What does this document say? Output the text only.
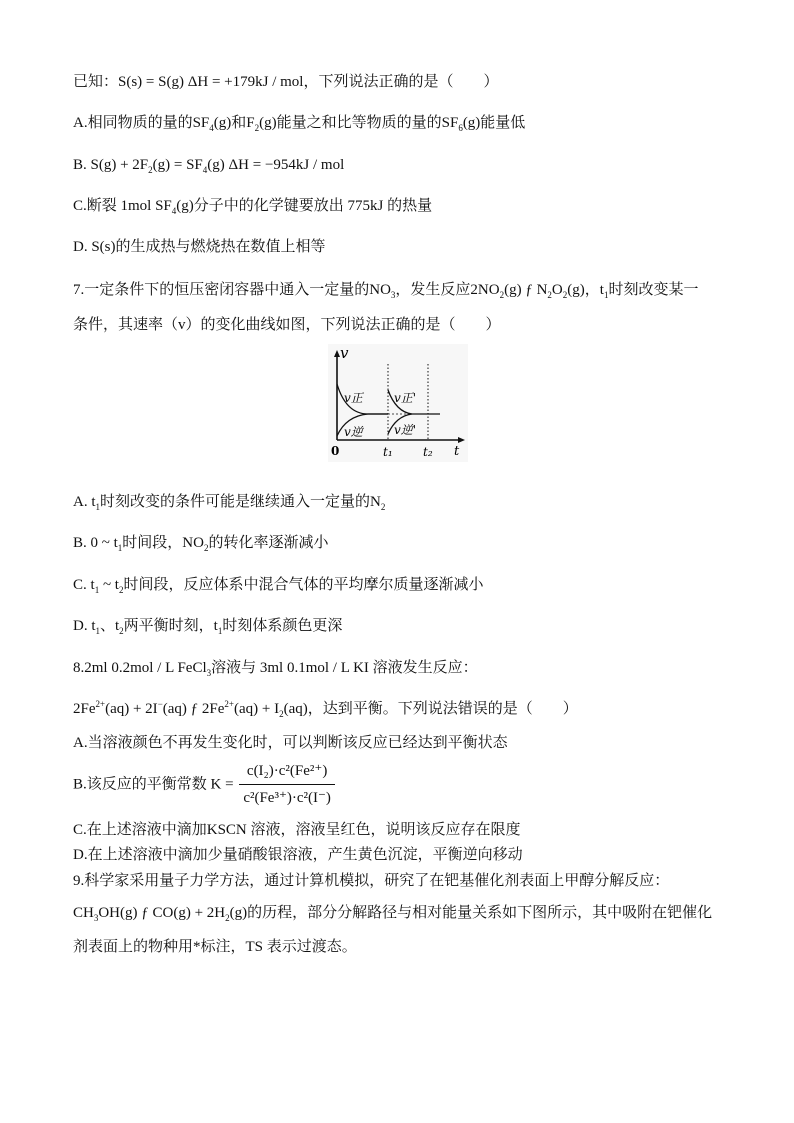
已知：S(s) = S(g) ΔH = +179kJ / mol，下列说法正确的是（　　）
A.相同物质的量的$SF_4(g)$和$F_2(g)$能量之和比等物质的量的$SF_6(g)$能量低
B. $S(g) + 2F_2(g) = SF_4(g) \Delta H = -954kJ$ / mol
C.断裂 1mol $SF_4(g)$分子中的化学键要放出 775kJ 的热量
D. S(s)的生成热与燃烧热在数值上相等
7.一定条件下的恒压密闭容器中通入一定量的$NO_3$，发生反应$2NO_2(g)$ ƒ $N_2O_2(g)$，$t_1$时刻改变某一
条件，其速率（v）的变化曲线如图，下列说法正确的是（　　）
v
t
0	t₁	t₂
v正
v逆
v正'
v逆'
A. $t_1$时刻改变的条件可能是继续通入一定量的$N_2$
B. 0 ~ $t_1$时间段，$NO_2$的转化率逐渐减小
C. $t_1$ ~ $t_2$时间段，反应体系中混合气体的平均摩尔质量逐渐减小
D. $t_1$、$t_2$两平衡时刻，$t_1$时刻体系颜色更深
8.2ml 0.2mol / L FeCl$_3$溶液与 3ml 0.1mol / L KI 溶液发生反应：
$2Fe^{2+}(aq) + 2I^-(aq)$ ƒ $2Fe^{2+}(aq) + I_2(aq)$，达到平衡。下列说法错误的是（　　）
A.当溶液颜色不再发生变化时，可以判断该反应已经达到平衡状态
B.该反应的平衡常数 $K = \frac{\text{c(I₂)·c²(Fe²⁺)}}{\text{c²(Fe³⁺)·c²(I⁻)}}$
C.在上述溶液中滴加KSCN 溶液，溶液呈红色，说明该反应存在限度
D.在上述溶液中滴加少量硝酸银溶液，产生黄色沉淀，平衡逆向移动
9.科学家采用量子力学方法，通过计算机模拟，研究了在钯基催化剂表面上甲醇分解反应：
$CH_3OH(g)$ ƒ $CO(g) + 2H_2(g)$的历程，部分分解路径与相对能量关系如下图所示，其中吸附在钯催化
剂表面上的物种用*标注，TS 表示过渡态。
